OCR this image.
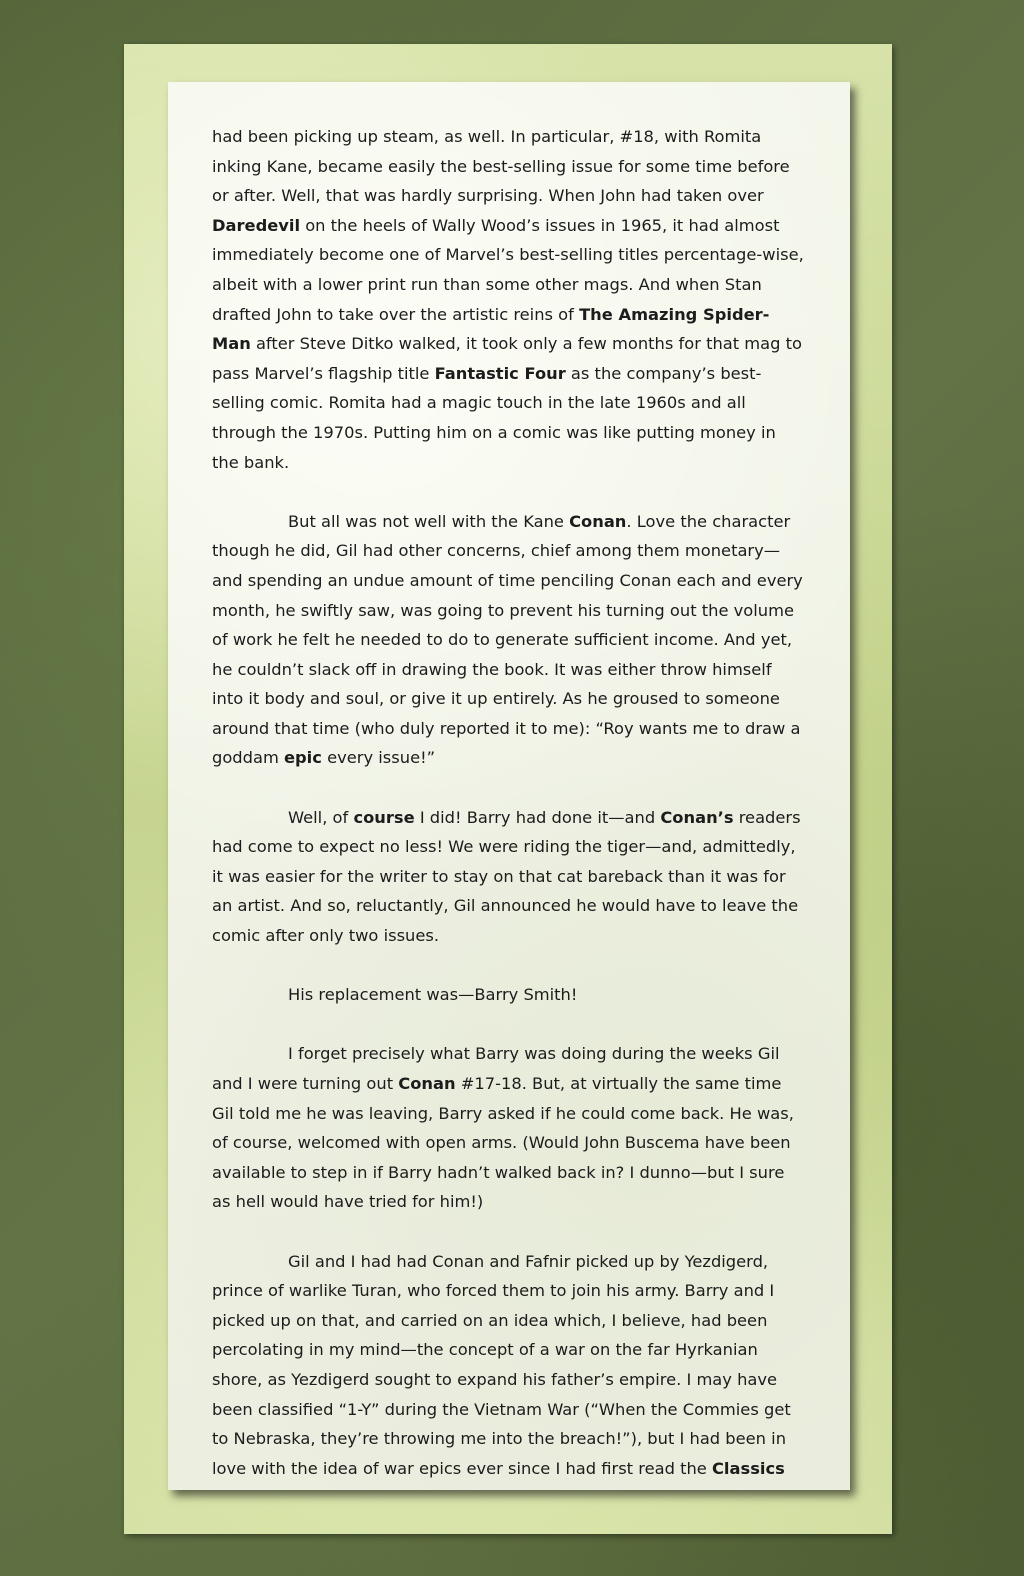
had been picking up steam, as well. In particular, #18, with Romita inking Kane, became easily the best-selling issue for some time before or after. Well, that was hardly surprising. When John had taken over Daredevil on the heels of Wally Wood’s issues in 1965, it had almost immediately become one of Marvel’s best-selling titles percentage-wise, albeit with a lower print run than some other mags. And when Stan drafted John to take over the artistic reins of The Amazing Spider-Man after Steve Ditko walked, it took only a few months for that mag to pass Marvel’s flagship title Fantastic Four as the company’s best-selling comic. Romita had a magic touch in the late 1960s and all through the 1970s. Putting him on a comic was like putting money in the bank.

But all was not well with the Kane Conan. Love the character though he did, Gil had other concerns, chief among them monetary—and spending an undue amount of time penciling Conan each and every month, he swiftly saw, was going to prevent his turning out the volume of work he felt he needed to do to generate sufficient income. And yet, he couldn’t slack off in drawing the book. It was either throw himself into it body and soul, or give it up entirely. As he groused to someone around that time (who duly reported it to me): “Roy wants me to draw a goddam epic every issue!”

Well, of course I did! Barry had done it—and Conan’s readers had come to expect no less! We were riding the tiger—and, admittedly, it was easier for the writer to stay on that cat bareback than it was for an artist. And so, reluctantly, Gil announced he would have to leave the comic after only two issues.

His replacement was—Barry Smith!

I forget precisely what Barry was doing during the weeks Gil and I were turning out Conan #17-18. But, at virtually the same time Gil told me he was leaving, Barry asked if he could come back. He was, of course, welcomed with open arms. (Would John Buscema have been available to step in if Barry hadn’t walked back in? I dunno—but I sure as hell would have tried for him!)

Gil and I had had Conan and Fafnir picked up by Yezdigerd, prince of warlike Turan, who forced them to join his army. Barry and I picked up on that, and carried on an idea which, I believe, had been percolating in my mind—the concept of a war on the far Hyrkanian shore, as Yezdigerd sought to expand his father’s empire. I may have been classified “1-Y” during the Vietnam War (“When the Commies get to Nebraska, they’re throwing me into the breach!”), but I had been in love with the idea of war epics ever since I had first read the Classics
